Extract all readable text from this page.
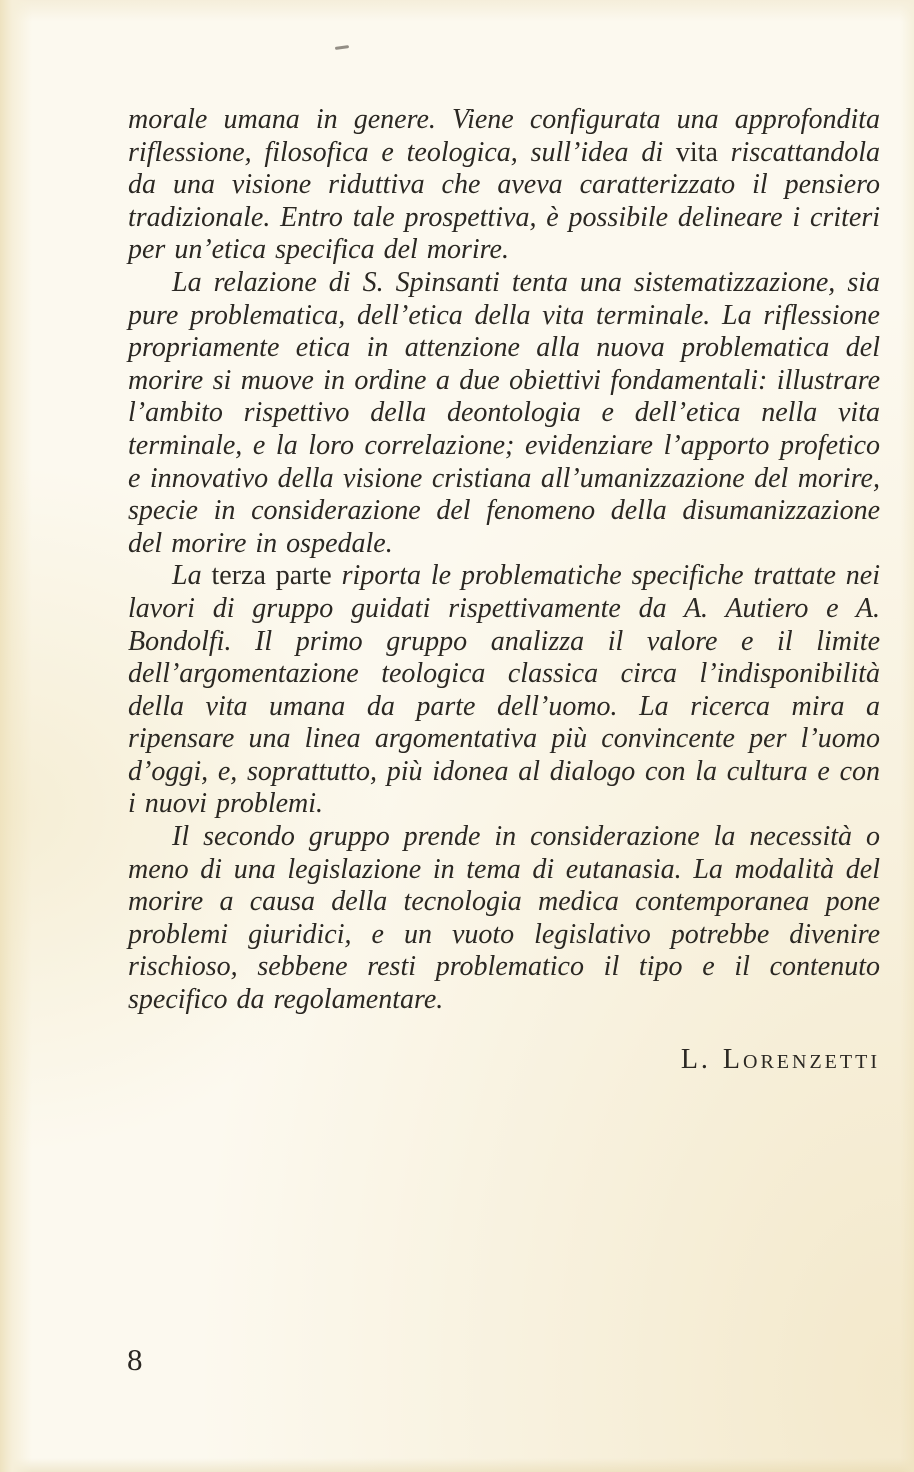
morale umana in genere. Viene configurata una approfondita riflessione, filosofica e teologica, sull’idea di vita riscattandola da una visione riduttiva che aveva caratterizzato il pensiero tradizionale. Entro tale prospettiva, è possibile delineare i criteri per un’etica specifica del morire.

La relazione di S. Spinsanti tenta una sistematizzazione, sia pure problematica, dell’etica della vita terminale. La riflessione propriamente etica in attenzione alla nuova problematica del morire si muove in ordine a due obiettivi fondamentali: illustrare l’ambito rispettivo della deontologia e dell’etica nella vita terminale, e la loro correlazione; evidenziare l’apporto profetico e innovativo della visione cristiana all’umanizzazione del morire, specie in considerazione del fenomeno della disumanizzazione del morire in ospedale.

La terza parte riporta le problematiche specifiche trattate nei lavori di gruppo guidati rispettivamente da A. Autiero e A. Bondolfi. Il primo gruppo analizza il valore e il limite dell’argomentazione teologica classica circa l’indisponibilità della vita umana da parte dell’uomo. La ricerca mira a ripensare una linea argomentativa più convincente per l’uomo d’oggi, e, soprattutto, più idonea al dialogo con la cultura e con i nuovi problemi.

Il secondo gruppo prende in considerazione la necessità o meno di una legislazione in tema di eutanasia. La modalità del morire a causa della tecnologia medica contemporanea pone problemi giuridici, e un vuoto legislativo potrebbe divenire rischioso, sebbene resti problematico il tipo e il contenuto specifico da regolamentare.

L. Lorenzetti
8
